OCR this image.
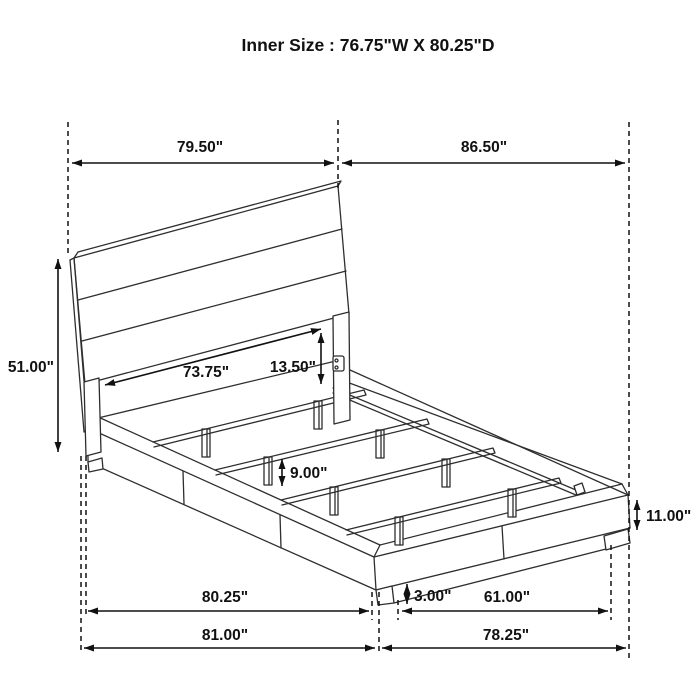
79.50"	86.50"
51.00"	73.75"	13.50"
9.00"
11.00"
3.00"
80.25"	61.00"
81.00"	78.25"
Inner Size : 76.75"W X 80.25"D
